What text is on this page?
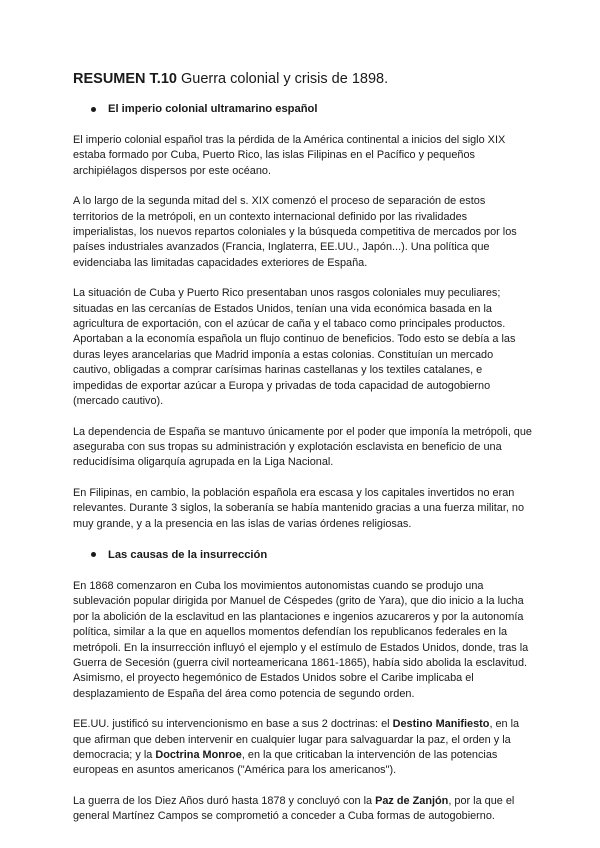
RESUMEN T.10 Guerra colonial y crisis de 1898.
El imperio colonial ultramarino español

El imperio colonial español tras la pérdida de la América continental a inicios del siglo XIX estaba formado por Cuba, Puerto Rico, las islas Filipinas en el Pacífico y pequeños archipiélagos dispersos por este océano.

A lo largo de la segunda mitad del s. XIX comenzó el proceso de separación de estos territorios de la metrópoli, en un contexto internacional definido por las rivalidades imperialistas, los nuevos repartos coloniales y la búsqueda competitiva de mercados por los países industriales avanzados (Francia, Inglaterra, EE.UU., Japón...). Una política que evidenciaba las limitadas capacidades exteriores de España.

La situación de Cuba y Puerto Rico presentaban unos rasgos coloniales muy peculiares; situadas en las cercanías de Estados Unidos, tenían una vida económica basada en la agricultura de exportación, con el azúcar de caña y el tabaco como principales productos. Aportaban a la economía española un flujo continuo de beneficios. Todo esto se debía a las duras leyes arancelarias que Madrid imponía a estas colonias. Constituían un mercado cautivo, obligadas a comprar carísimas harinas castellanas y los textiles catalanes, e impedidas de exportar azúcar a Europa y privadas de toda capacidad de autogobierno (mercado cautivo).

La dependencia de España se mantuvo únicamente por el poder que imponía la metrópoli, que aseguraba con sus tropas su administración y explotación esclavista en beneficio de una reducidísima oligarquía agrupada en la Liga Nacional.

En Filipinas, en cambio, la población española era escasa y los capitales invertidos no eran relevantes. Durante 3 siglos, la soberanía se había mantenido gracias a una fuerza militar, no muy grande, y a la presencia en las islas de varias órdenes religiosas.

Las causas de la insurrección

En 1868 comenzaron en Cuba los movimientos autonomistas cuando se produjo una sublevación popular dirigida por Manuel de Céspedes (grito de Yara), que dio inicio a la lucha por la abolición de la esclavitud en las plantaciones e ingenios azucareros y por la autonomía política, similar a la que en aquellos momentos defendían los republicanos federales en la metrópoli. En la insurrección influyó el ejemplo y el estímulo de Estados Unidos, donde, tras la Guerra de Secesión (guerra civil norteamericana 1861-1865), había sido abolida la esclavitud. Asimismo, el proyecto hegemónico de Estados Unidos sobre el Caribe implicaba el desplazamiento de España del área como potencia de segundo orden.

EE.UU. justificó su intervencionismo en base a sus 2 doctrinas: el Destino Manifiesto, en la que afirman que deben intervenir en cualquier lugar para salvaguardar la paz, el orden y la democracia; y la Doctrina Monroe, en la que criticaban la intervención de las potencias europeas en asuntos americanos ("América para los americanos").

La guerra de los Diez Años duró hasta 1878 y concluyó con la Paz de Zanjón, por la que el general Martínez Campos se comprometió a conceder a Cuba formas de autogobierno.
